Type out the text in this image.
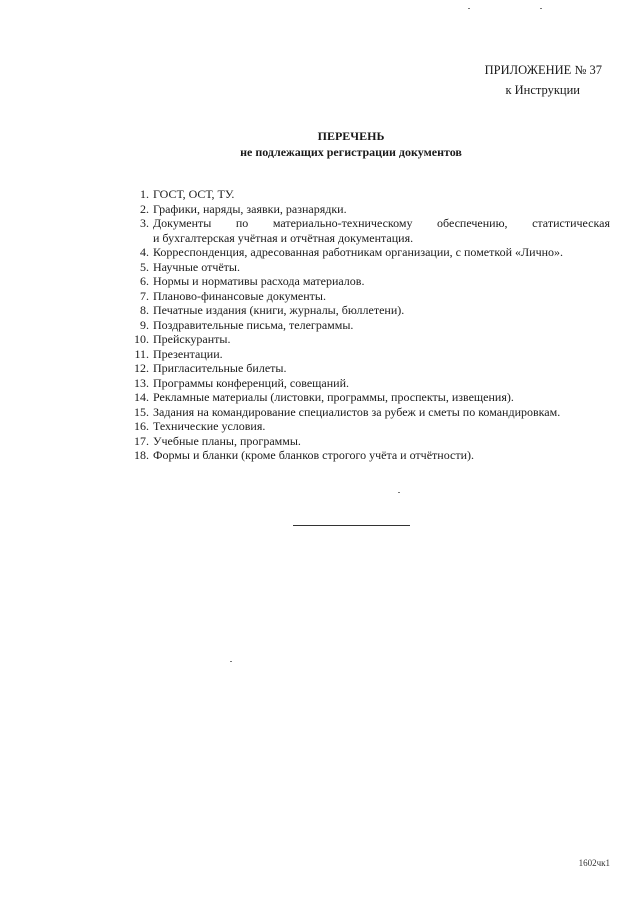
ПРИЛОЖЕНИЕ № 37
к Инструкции
ПЕРЕЧЕНЬ
не подлежащих регистрации документов
1. ГОСТ, ОСТ, ТУ.
2. Графики, наряды, заявки, разнарядки.
3. Документы по материально-техническому обеспечению, статистическая
и бухгалтерская учётная и отчётная документация.
4. Корреспонденция, адресованная работникам организации, с пометкой «Лично».
5. Научные отчёты.
6. Нормы и нормативы расхода материалов.
7. Планово-финансовые документы.
8. Печатные издания (книги, журналы, бюллетени).
9. Поздравительные письма, телеграммы.
10. Прейскуранты.
11. Презентации.
12. Пригласительные билеты.
13. Программы конференций, совещаний.
14. Рекламные материалы (листовки, программы, проспекты, извещения).
15. Задания на командирование специалистов за рубеж и сметы по командировкам.
16. Технические условия.
17. Учебные планы, программы.
18. Формы и бланки (кроме бланков строгого учёта и отчётности).
1602чк1
